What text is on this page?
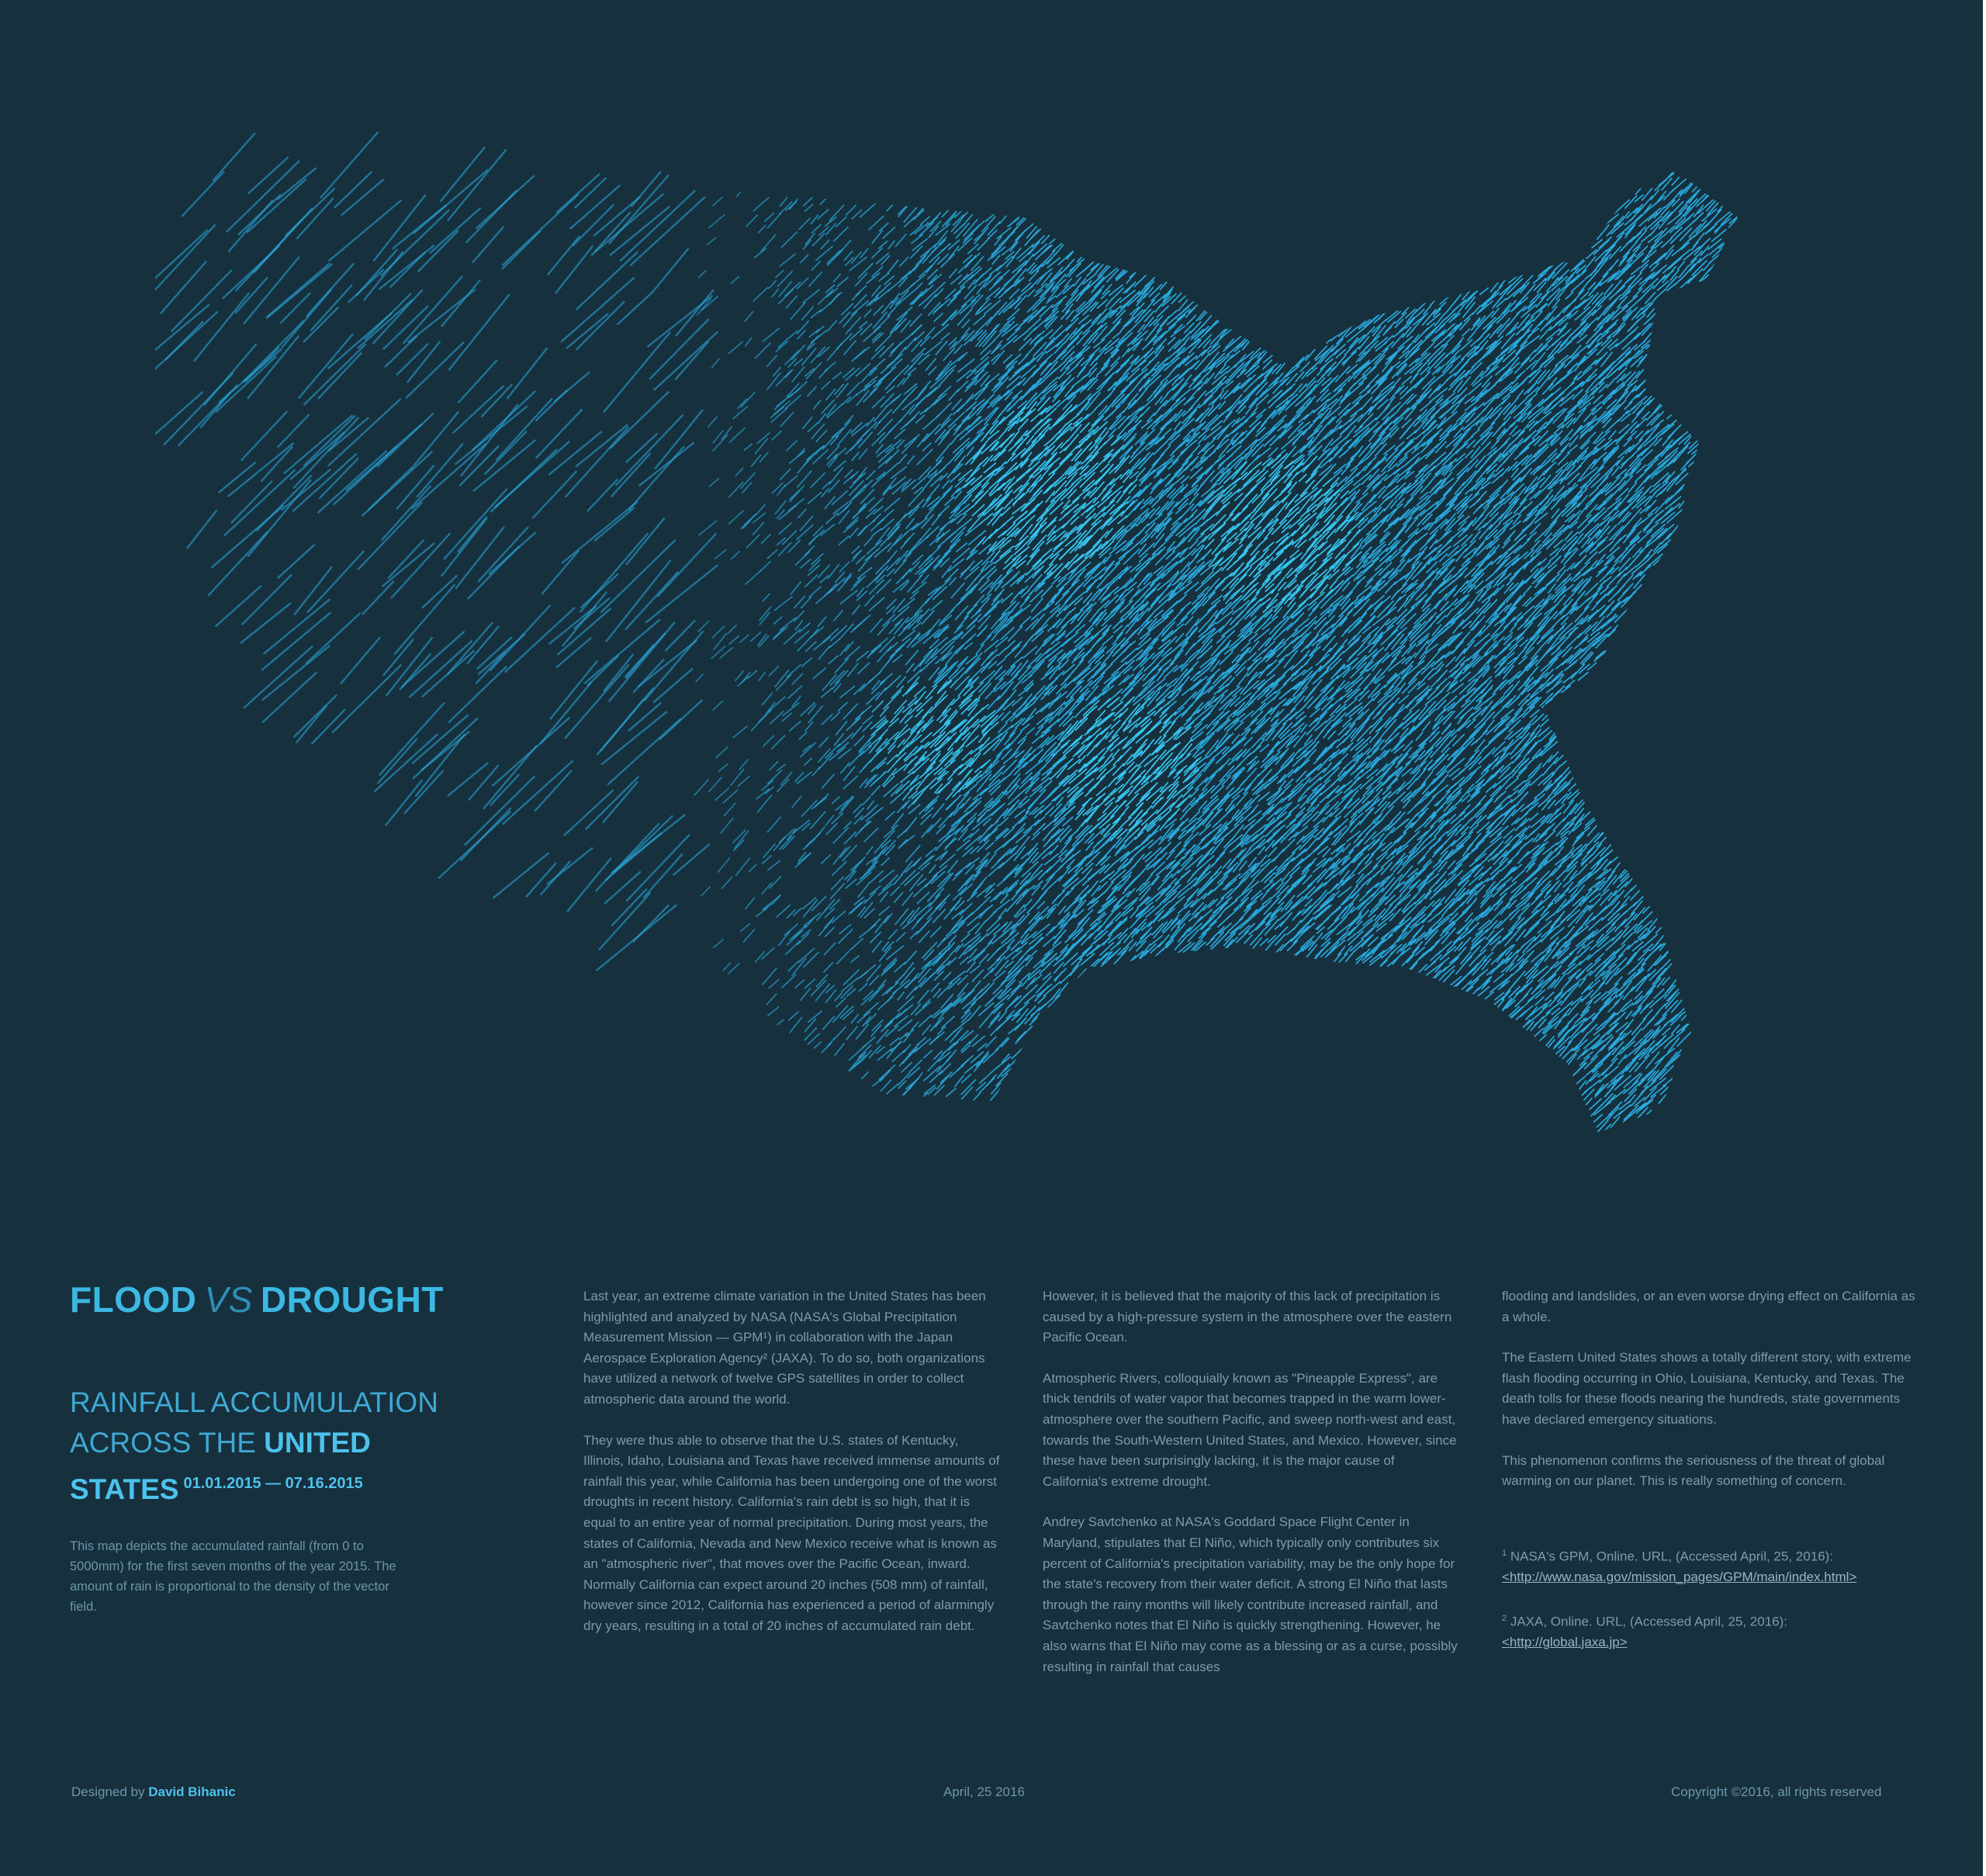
FLOOD VS DROUGHT
RAINFALL ACCUMULATION
ACROSS THE UNITED
STATES $^{01.01.2015 — 07.16.2015}$

This map depicts the accumulated rainfall (from 0 to 5000mm) for the first seven months of the year 2015. The amount of rain is proportional to the density of the vector field.

Last year, an extreme climate variation in the United States has been highlighted and analyzed by NASA (NASA's Global Precipitation Measurement Mission — GPM¹) in collaboration with the Japan Aerospace Exploration Agency² (JAXA). To do so, both organizations have utilized a network of twelve GPS satellites in order to collect atmospheric data around the world.

They were thus able to observe that the U.S. states of Kentucky, Illinois, Idaho, Louisiana and Texas have received immense amounts of rainfall this year, while California has been undergoing one of the worst droughts in recent history. California's rain debt is so high, that it is equal to an entire year of normal precipitation. During most years, the states of California, Nevada and New Mexico receive what is known as an "atmospheric river", that moves over the Pacific Ocean, inward. Normally California can expect around 20 inches (508 mm) of rainfall, however since 2012, California has experienced a period of alarmingly dry years, resulting in a total of 20 inches of accumulated rain debt.

However, it is believed that the majority of this lack of precipitation is caused by a high-pressure system in the atmosphere over the eastern Pacific Ocean.

Atmospheric Rivers, colloquially known as "Pineapple Express", are thick tendrils of water vapor that becomes trapped in the warm lower-atmosphere over the southern Pacific, and sweep north-west and east, towards the South-Western United States, and Mexico. However, since these have been surprisingly lacking, it is the major cause of California's extreme drought.

Andrey Savtchenko at NASA's Goddard Space Flight Center in Maryland, stipulates that El Niño, which typically only contributes six percent of California's precipitation variability, may be the only hope for the state's recovery from their water deficit. A strong El Niño that lasts through the rainy months will likely contribute increased rainfall, and Savtchenko notes that El Niño is quickly strengthening. However, he also warns that El Niño may come as a blessing or as a curse, possibly resulting in rainfall that causes

flooding and landslides, or an even worse drying effect on California as a whole.

The Eastern United States shows a totally different story, with extreme flash flooding occurring in Ohio, Louisiana, Kentucky, and Texas. The death tolls for these floods nearing the hundreds, state governments have declared emergency situations.

This phenomenon confirms the seriousness of the threat of global warming on our planet. This is really something of concern.

$^1$ NASA's GPM, Online. URL, (Accessed April, 25, 2016):
<http://www.nasa.gov/mission_pages/GPM/main/index.html>

$^2$ JAXA, Online. URL, (Accessed April, 25, 2016):
<http://global.jaxa.jp>

Designed by David Bihanic	April, 25 2016	Copyright ©2016, all rights reserved
